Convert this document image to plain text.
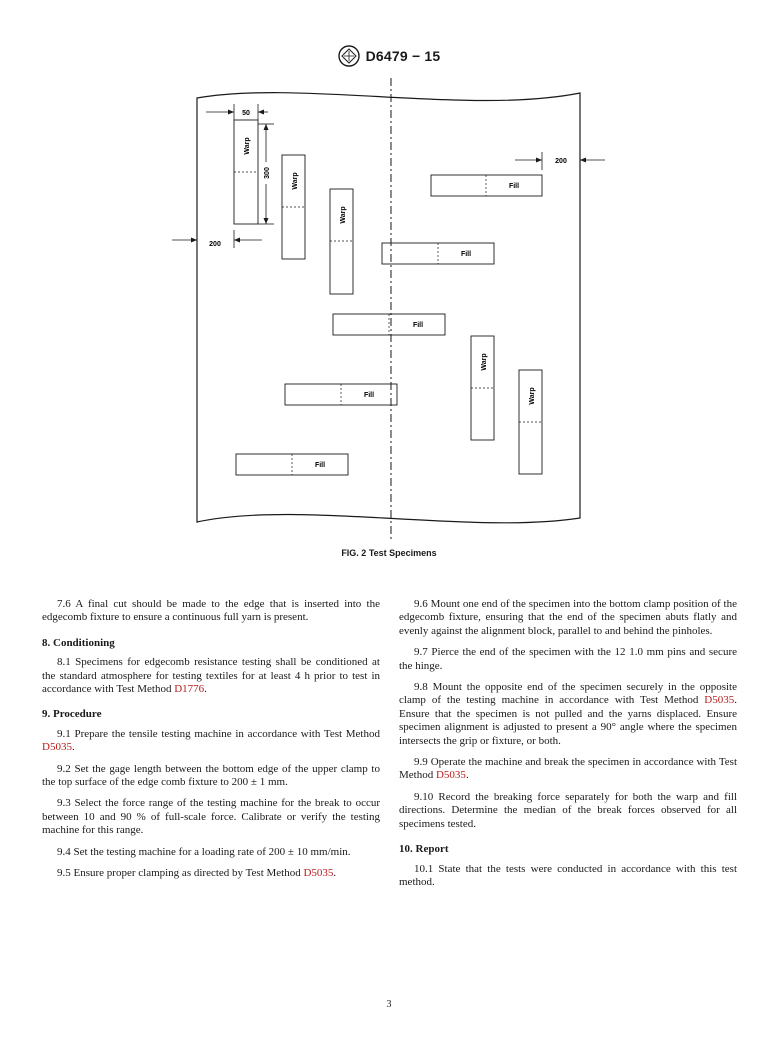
D6479 − 15
50
300
Warp
200
200
Warp
Warp
Warp
Warp
Fill
Fill
Fill
Fill
Fill
FIG. 2 Test Specimens

7.6 A final cut should be made to the edge that is inserted into the edgecomb fixture to ensure a continuous full yarn is present.

8. Conditioning

8.1 Specimens for edgecomb resistance testing shall be conditioned at the standard atmosphere for testing textiles for at least 4 h prior to test in accordance with Test Method D1776.

9. Procedure

9.1 Prepare the tensile testing machine in accordance with Test Method D5035.

9.2 Set the gage length between the bottom edge of the upper clamp to the top surface of the edge comb fixture to 200 ± 1 mm.

9.3 Select the force range of the testing machine for the break to occur between 10 and 90 % of full-scale force. Calibrate or verify the testing machine for this range.

9.4 Set the testing machine for a loading rate of 200 ± 10 mm/min.

9.5 Ensure proper clamping as directed by Test Method D5035.

9.6 Mount one end of the specimen into the bottom clamp position of the edgecomb fixture, ensuring that the end of the specimen abuts flatly and evenly against the alignment block, parallel to and behind the pinholes.

9.7 Pierce the end of the specimen with the 12 1.0 mm pins and secure the hinge.

9.8 Mount the opposite end of the specimen securely in the opposite clamp of the testing machine in accordance with Test Method D5035. Ensure that the specimen is not pulled and the yarns displaced. Ensure specimen alignment is adjusted to present a 90° angle where the specimen intersects the grip or fixture, or both.

9.9 Operate the machine and break the specimen in accordance with Test Method D5035.

9.10 Record the breaking force separately for both the warp and fill directions. Determine the median of the break forces observed for all specimens tested.

10. Report

10.1 State that the tests were conducted in accordance with this test method.

3
